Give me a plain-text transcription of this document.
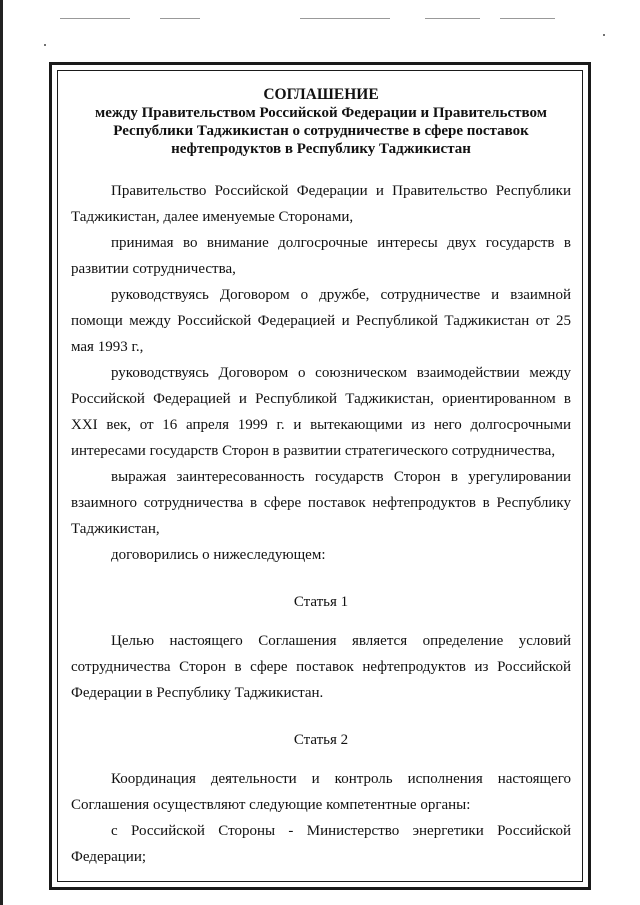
СОГЛАШЕНИЕ

между Правительством Российской Федерации и Правительством

Республики Таджикистан о сотрудничестве в сфере поставок

нефтепродуктов в Республику Таджикистан

Правительство Российской Федерации и Правительство Республики Таджикистан, далее именуемые Сторонами,

принимая во внимание долгосрочные интересы двух государств в развитии сотрудничества,

руководствуясь Договором о дружбе, сотрудничестве и взаимной помощи между Российской Федерацией и Республикой Таджикистан от 25 мая 1993 г.,

руководствуясь Договором о союзническом взаимодействии между Российской Федерацией и Республикой Таджикистан, ориентированном в XXI век, от 16 апреля 1999 г. и вытекающими из него долгосрочными интересами государств Сторон в развитии стратегического сотрудничества,

выражая заинтересованность государств Сторон в урегулировании взаимного сотрудничества в сфере поставок нефтепродуктов в Республику Таджикистан,

договорились о нижеследующем:

Статья 1

Целью настоящего Соглашения является определение условий сотрудничества Сторон в сфере поставок нефтепродуктов из Российской Федерации в Республику Таджикистан.

Статья 2

Координация деятельности и контроль исполнения настоящего Соглашения осуществляют следующие компетентные органы:

с Российской Стороны - Министерство энергетики Российской Федерации;
